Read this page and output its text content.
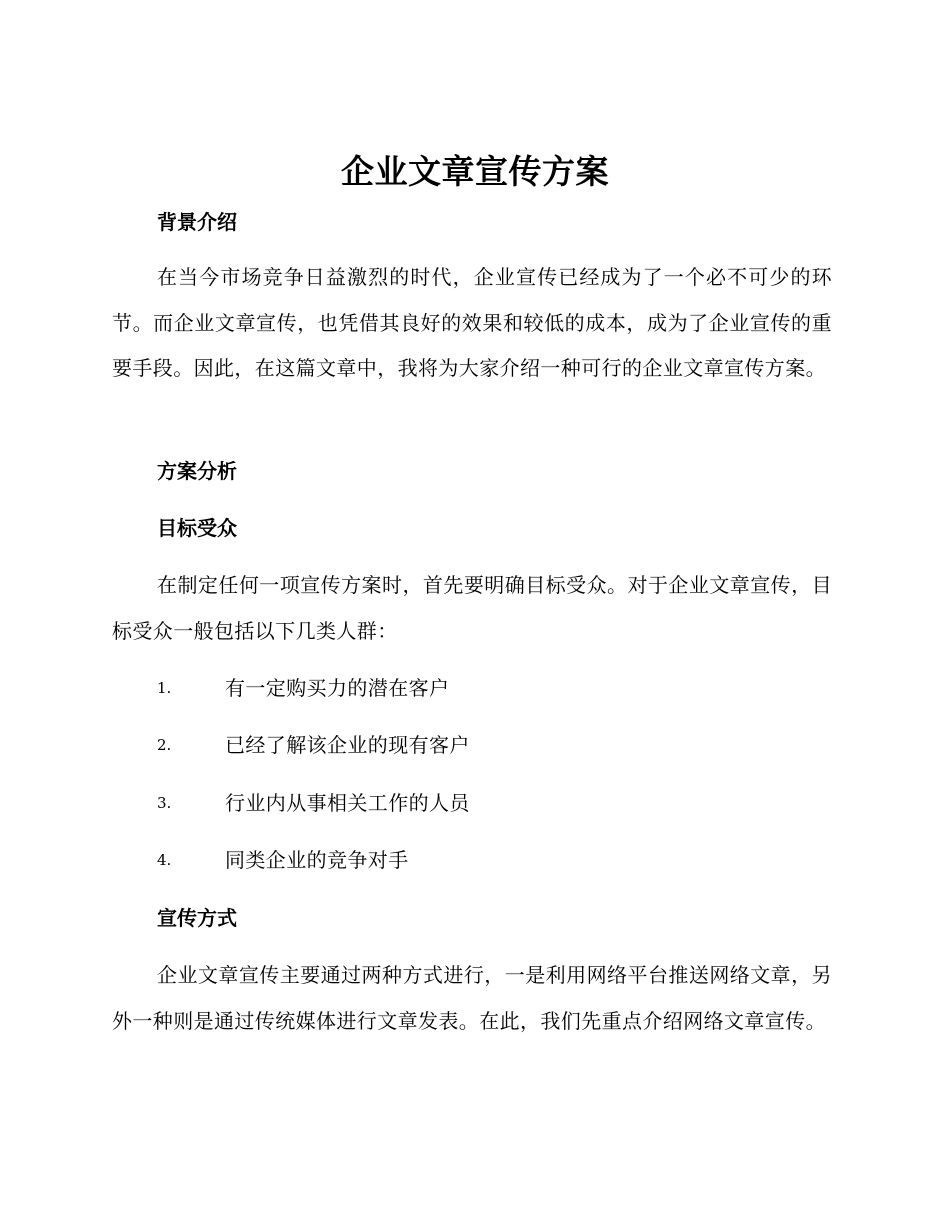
企业文章宣传方案
背景介绍
在当今市场竞争日益激烈的时代，企业宣传已经成为了一个必不可少的环节。而企业文章宣传，也凭借其良好的效果和较低的成本，成为了企业宣传的重要手段。因此，在这篇文章中，我将为大家介绍一种可行的企业文章宣传方案。
方案分析
目标受众
在制定任何一项宣传方案时，首先要明确目标受众。对于企业文章宣传，目标受众一般包括以下几类人群：
1.	有一定购买力的潜在客户
2.	已经了解该企业的现有客户
3.	行业内从事相关工作的人员
4.	同类企业的竞争对手
宣传方式
企业文章宣传主要通过两种方式进行，一是利用网络平台推送网络文章，另外一种则是通过传统媒体进行文章发表。在此，我们先重点介绍网络文章宣传。
